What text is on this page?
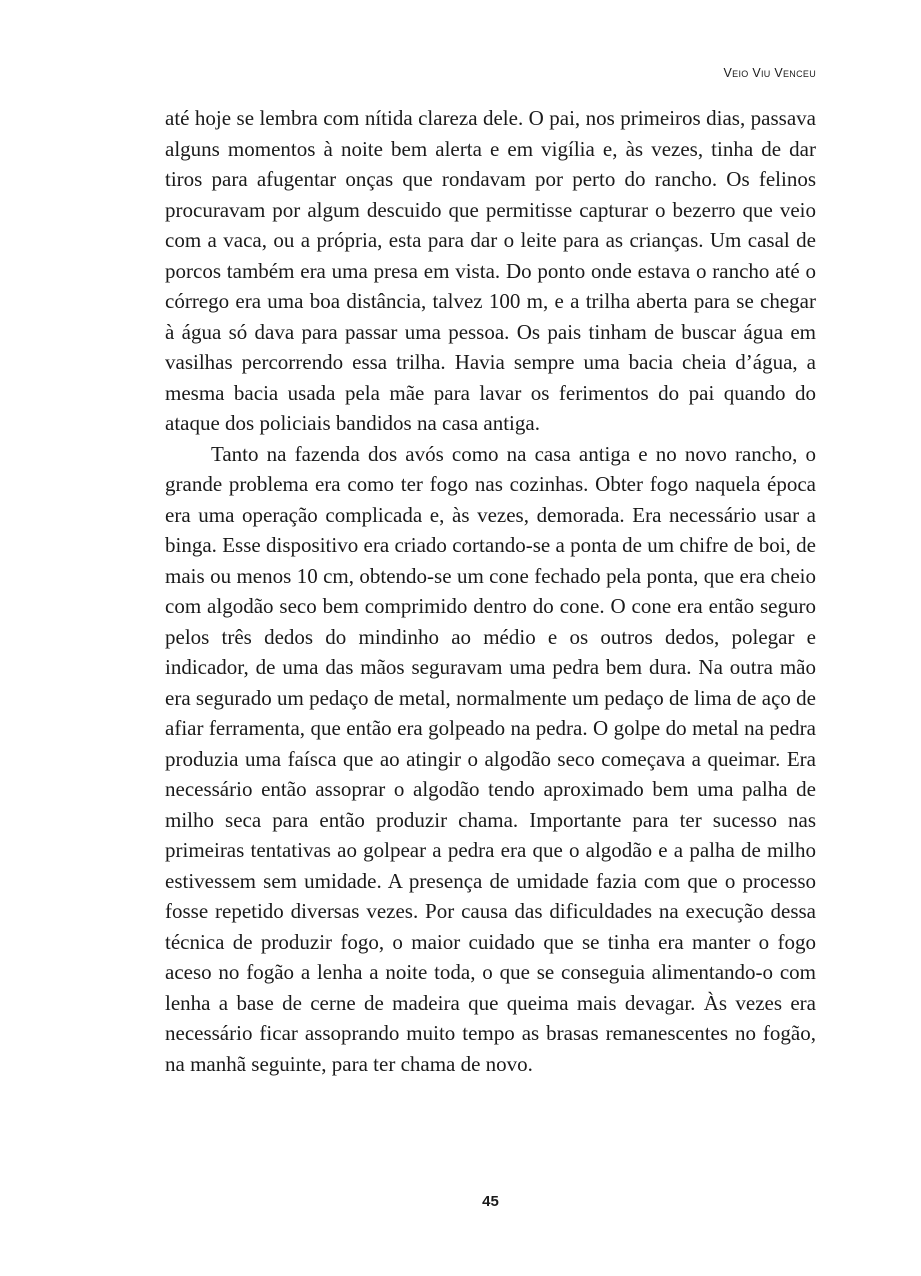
Veio Viu Venceu

até hoje se lembra com nítida clareza dele. O pai, nos primeiros dias, passava alguns momentos à noite bem alerta e em vigília e, às vezes, tinha de dar tiros para afugentar onças que rondavam por perto do rancho. Os felinos procuravam por algum descuido que permitisse capturar o bezerro que veio com a vaca, ou a própria, esta para dar o leite para as crianças. Um casal de porcos também era uma presa em vista. Do ponto onde estava o rancho até o córrego era uma boa distância, talvez 100 m, e a trilha aberta para se chegar à água só dava para passar uma pessoa. Os pais tinham de buscar água em vasilhas percorrendo essa trilha. Havia sempre uma bacia cheia d’água, a mesma bacia usada pela mãe para lavar os ferimentos do pai quando do ataque dos policiais bandidos na casa antiga.

Tanto na fazenda dos avós como na casa antiga e no novo rancho, o grande problema era como ter fogo nas cozinhas. Obter fogo naquela época era uma operação complicada e, às vezes, demorada. Era necessário usar a binga. Esse dispositivo era criado cortando-se a ponta de um chifre de boi, de mais ou menos 10 cm, obtendo-se um cone fechado pela ponta, que era cheio com algodão seco bem comprimido dentro do cone. O cone era então seguro pelos três dedos do mindinho ao médio e os outros dedos, polegar e indicador, de uma das mãos seguravam uma pedra bem dura. Na outra mão era segurado um pedaço de metal, normalmente um pedaço de lima de aço de afiar ferramenta, que então era golpeado na pedra. O golpe do metal na pedra produzia uma faísca que ao atingir o algodão seco começava a queimar. Era necessário então assoprar o algodão tendo aproximado bem uma palha de milho seca para então produzir chama. Importante para ter sucesso nas primeiras tentativas ao golpear a pedra era que o algodão e a palha de milho estivessem sem umidade. A presença de umidade fazia com que o processo fosse repetido diversas vezes. Por causa das dificuldades na execução dessa técnica de produzir fogo, o maior cuidado que se tinha era manter o fogo aceso no fogão a lenha a noite toda, o que se conseguia alimentando-o com lenha a base de cerne de madeira que queima mais devagar. Às vezes era necessário ficar assoprando muito tempo as brasas remanescentes no fogão, na manhã seguinte, para ter chama de novo.

45
